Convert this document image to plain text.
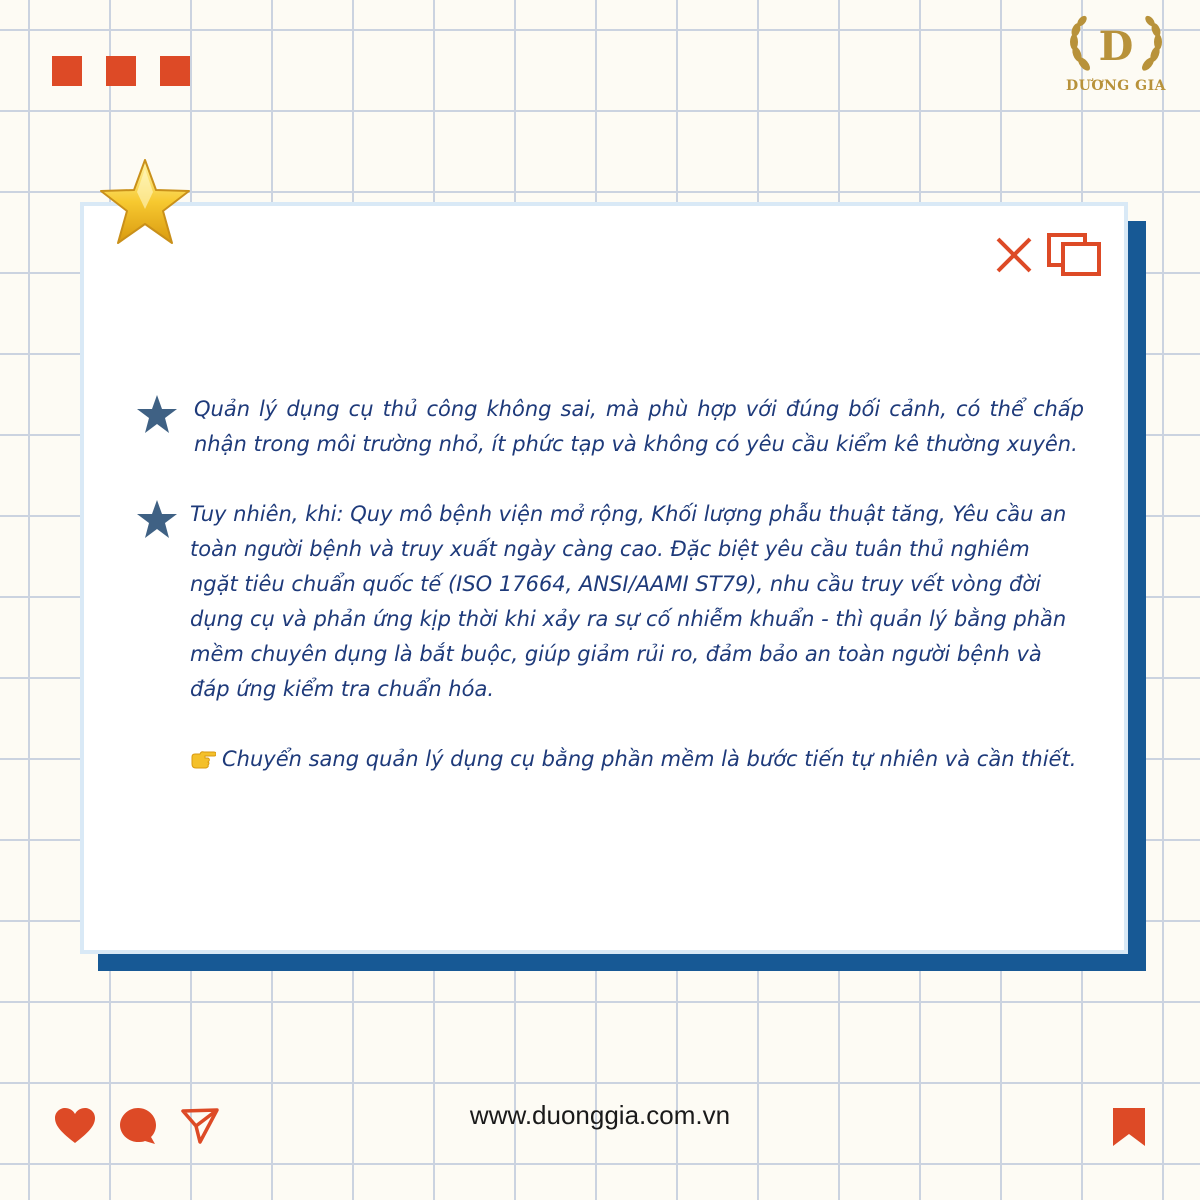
D
DƯƠNG GIA

Quản lý dụng cụ thủ công không sai, mà phù hợp với đúng bối cảnh, có thể chấp nhận trong môi trường nhỏ, ít phức tạp và không có yêu cầu kiểm kê thường xuyên.

Tuy nhiên, khi: Quy mô bệnh viện mở rộng, Khối lượng phẫu thuật tăng, Yêu cầu an toàn người bệnh và truy xuất ngày càng cao. Đặc biệt yêu cầu tuân thủ nghiêm ngặt tiêu chuẩn quốc tế (ISO 17664, ANSI/AAMI ST79), nhu cầu truy vết vòng đời dụng cụ và phản ứng kịp thời khi xảy ra sự cố nhiễm khuẩn - thì quản lý bằng phần mềm chuyên dụng là bắt buộc, giúp giảm rủi ro, đảm bảo an toàn người bệnh và đáp ứng kiểm tra chuẩn hóa.

Chuyển sang quản lý dụng cụ bằng phần mềm là bước tiến tự nhiên và cần thiết.
www.duonggia.com.vn
